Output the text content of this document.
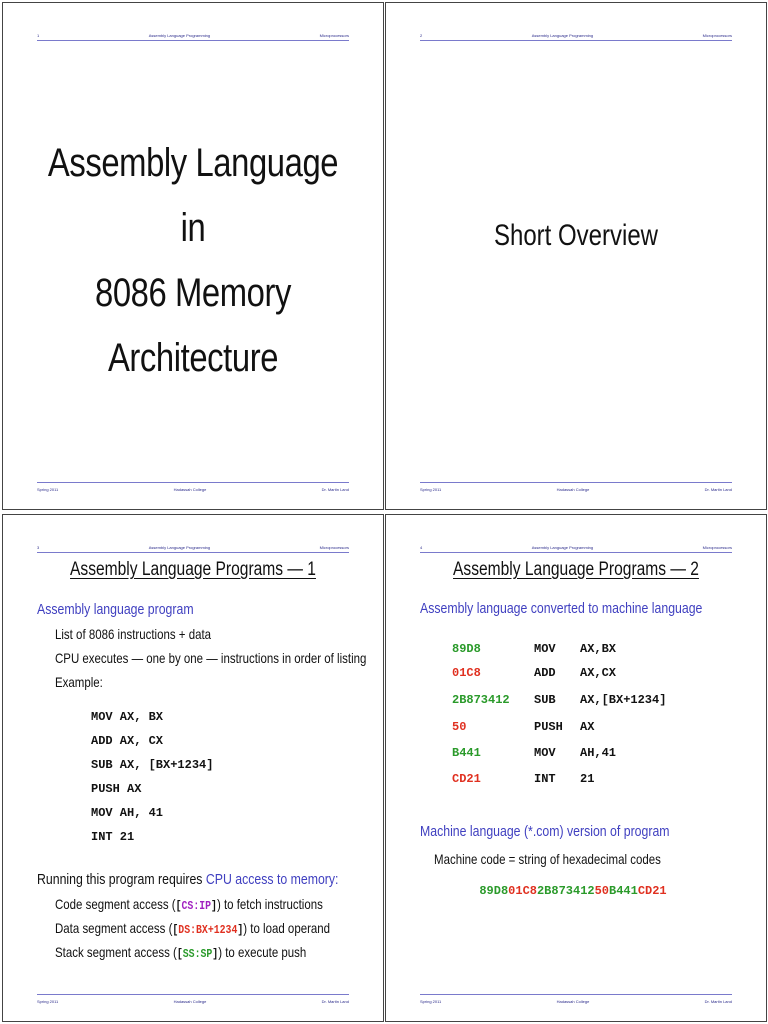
1	Assembly Language Programming	Microprocessors
Assembly Language
in
8086 Memory
Architecture
Spring 2011	Hadassah College	Dr. Martin Land
2	Assembly Language Programming	Microprocessors
Short Overview
Spring 2011	Hadassah College	Dr. Martin Land
3	Assembly Language Programming	Microprocessors
Assembly Language Programs — 1
Assembly language program
List of 8086 instructions + data
CPU executes — one by one — instructions in order of listing
Example:
MOV AX, BX
ADD AX, CX
SUB AX, [BX+1234]
PUSH AX
MOV AH, 41
INT 21
Running this program requires CPU access to memory:
Code segment access ([CS:IP]) to fetch instructions
Data segment access ([DS:BX+1234]) to load operand
Stack segment access ([SS:SP]) to execute push
Spring 2011	Hadassah College	Dr. Martin Land
4	Assembly Language Programming	Microprocessors
Assembly Language Programs — 2
Assembly language converted to machine language
89D8	MOV AX,BX
01C8	ADD AX,CX
2B873412 SUB AX,[BX+1234]
50	PUSH AX
B441	MOV AH,41
CD21	INT 21
Machine language (*.com) version of program
Machine code = string of hexadecimal codes
89D801C82B87341250B441CD21
Spring 2011	Hadassah College	Dr. Martin Land
